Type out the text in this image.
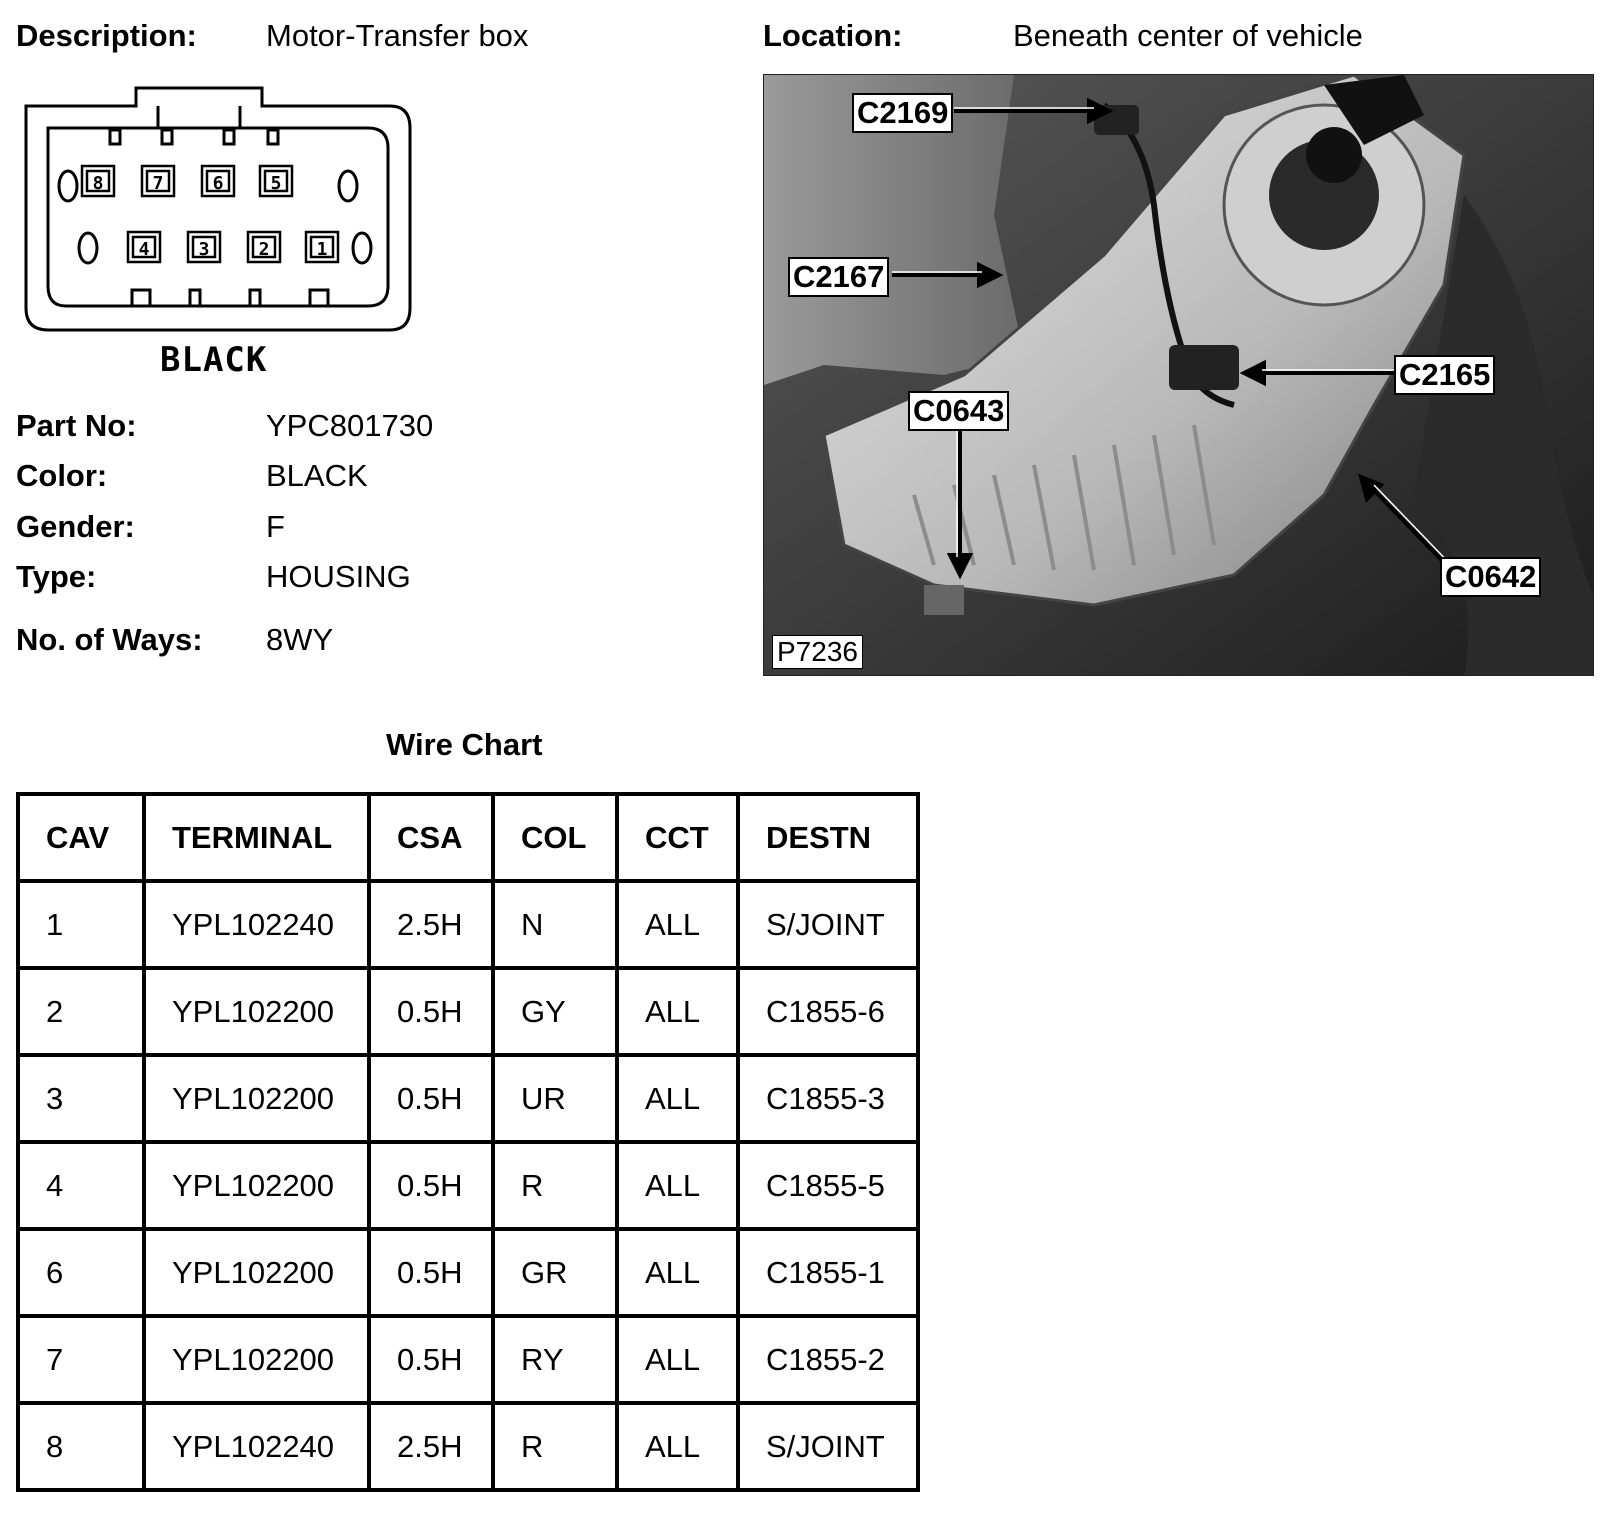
Description: Motor-Transfer box	Location:	Beneath center of vehicle
8	7	6	5
4	3	2	1
BLACK
Part No:	YPC801730
Color:	BLACK
Gender:	F
Type:	HOUSING
No. of Ways: 8WY
C2169
C2167
C2165
C0643
C0642
P7236
Wire Chart
CAV	TERMINAL	CSA	COL	CCT	DESTN
1	YPL102240	2.5H	N	ALL	S/JOINT
2	YPL102200	0.5H	GY	ALL	C1855-6
3	YPL102200	0.5H	UR	ALL	C1855-3
4	YPL102200	0.5H	R	ALL	C1855-5
6	YPL102200	0.5H	GR	ALL	C1855-1
7	YPL102200	0.5H	RY	ALL	C1855-2
8	YPL102240	2.5H	R	ALL	S/JOINT
